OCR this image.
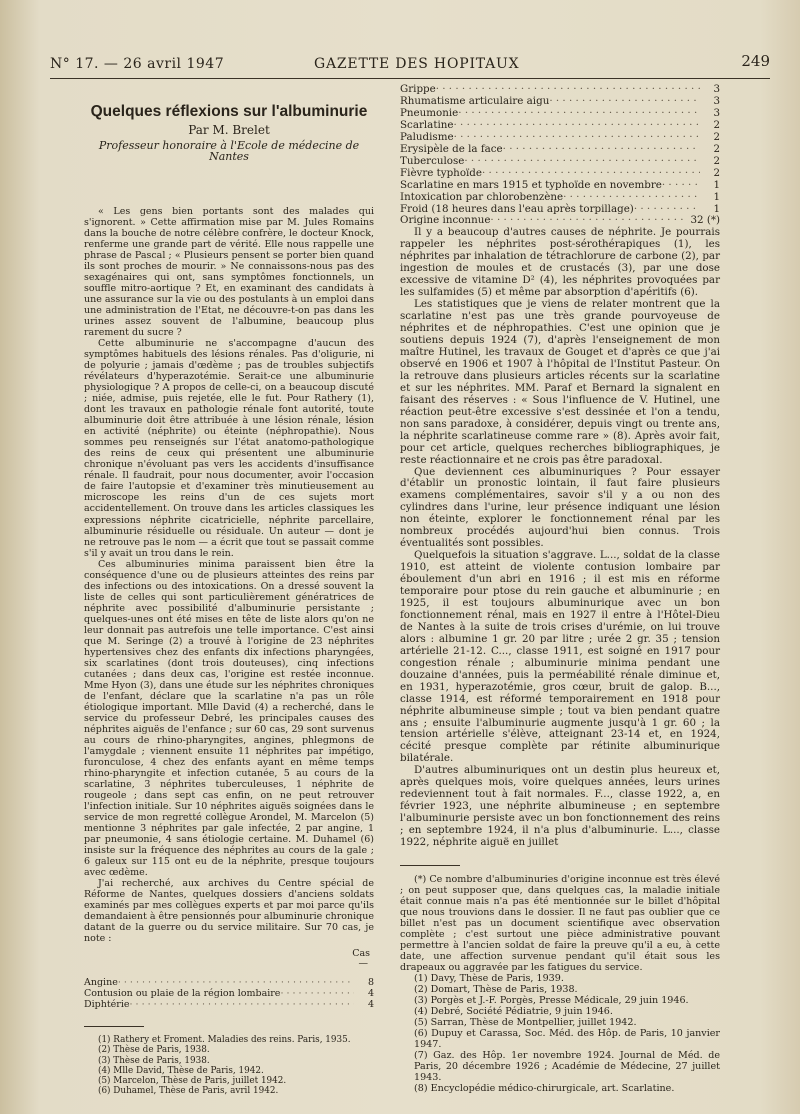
N° 17. — 26 avril 1947	GAZETTE DES HOPITAUX	249
Quelques réflexions sur l'albuminurie
Par M. Brelet
Professeur honoraire à l'Ecole de médecine de Nantes

« Les gens bien portants sont des malades qui s'ignorent. » Cette affirmation mise par M. Jules Romains dans la bouche de notre célèbre confrère, le docteur Knock, renferme une grande part de vérité. Elle nous rappelle une phrase de Pascal ; « Plusieurs pensent se porter bien quand ils sont proches de mourir. » Ne connaissons-nous pas des sexagénaires qui ont, sans symptômes fonctionnels, un souffle mitro-aortique ? Et, en examinant des candidats à une assurance sur la vie ou des postulants à un emploi dans une administration de l'Etat, ne découvre-t-on pas dans les urines assez souvent de l'albumine, beaucoup plus rarement du sucre ?

Cette albuminurie ne s'accompagne d'aucun des symptômes habituels des lésions rénales. Pas d'oligurie, ni de polyurie ; jamais d'œdème ; pas de troubles subjectifs révélateurs d'hyperazotémie. Serait-ce une albuminurie physiologique ? A propos de celle-ci, on a beaucoup discuté ; niée, admise, puis rejetée, elle le fut. Pour Rathery (1), dont les travaux en pathologie rénale font autorité, toute albuminurie doit être attribuée à une lésion rénale, lésion en activité (néphrite) ou éteinte (néphropathie). Nous sommes peu renseignés sur l'état anatomo-pathologique des reins de ceux qui présentent une albuminurie chronique n'évoluant pas vers les accidents d'insuffisance rénale. Il faudrait, pour nous documenter, avoir l'occasion de faire l'autopsie et d'examiner très minutieusement au microscope les reins d'un de ces sujets mort accidentellement. On trouve dans les articles classiques les expressions néphrite cicatricielle, néphrite parcellaire, albuminurie résiduelle ou résiduale. Un auteur — dont je ne retrouve pas le nom — a écrit que tout se passait comme s'il y avait un trou dans le rein.

Ces albuminuries minima paraissent bien être la conséquence d'une ou de plusieurs atteintes des reins par des infections ou des intoxications. On a dressé souvent la liste de celles qui sont particulièrement génératrices de néphrite avec possibilité d'albuminurie persistante ; quelques-unes ont été mises en tête de liste alors qu'on ne leur donnait pas autrefois une telle importance. C'est ainsi que M. Seringe (2) a trouvé à l'origine de 23 néphrites hypertensives chez des enfants dix infections pharyngées, six scarlatines (dont trois douteuses), cinq infections cutanées ; dans deux cas, l'origine est restée inconnue. Mme Hyon (3), dans une étude sur les néphrites chroniques de l'enfant, déclare que la scarlatine n'a pas un rôle étiologique important. Mlle David (4) a recherché, dans le service du professeur Debré, les principales causes des néphrites aiguës de l'enfance ; sur 60 cas, 29 sont survenus au cours de rhino-pharyngites, angines, phlegmons de l'amygdale ; viennent ensuite 11 néphrites par impétigo, furonculose, 4 chez des enfants ayant en même temps rhino-pharyngite et infection cutanée, 5 au cours de la scarlatine, 3 néphrites tuberculeuses, 1 néphrite de rougeole ; dans sept cas enfin, on ne peut retrouver l'infection initiale. Sur 10 néphrites aiguës soignées dans le service de mon regretté collègue Arondel, M. Marcelon (5) mentionne 3 néphrites par gale infectée, 2 par angine, 1 par pneumonie, 4 sans étiologie certaine. M. Duhamel (6) insiste sur la fréquence des néphrites au cours de la gale ; 6 galeux sur 115 ont eu de la néphrite, presque toujours avec œdème.

J'ai recherché, aux archives du Centre spécial de Réforme de Nantes, quelques dossiers d'anciens soldats examinés par mes collègues experts et par moi parce qu'ils demandaient à être pensionnés pour albuminurie chronique datant de la guerre ou du service militaire. Sur 70 cas, je note :

Cas
—
Angine · · ·	8
Contusion ou plaie de la région lombaire · · ·	4
Diphtérie · · ·	4

(1) Rathery et Froment. Maladies des reins. Paris, 1935.

(2) Thèse de Paris, 1938.

(3) Thèse de Paris, 1938.

(4) Mlle David, Thèse de Paris, 1942.

(5) Marcelon, Thèse de Paris, juillet 1942.

(6) Duhamel, Thèse de Paris, avril 1942.

Grippe · · ·	3
Rhumatisme articulaire aigu · · ·	3
Pneumonie · · ·	3
Scarlatine · · ·	2
Paludisme · · ·	2
Erysipèle de la face · · ·	2
Tuberculose · · ·	2
Fièvre typhoïde · · ·	2
Scarlatine en mars 1915 et typhoïde en novembre · · ·	1
Intoxication par chlorobenzène · · ·	1
Froid (18 heures dans l'eau après torpillage) · · ·	1
Origine inconnue · · ·	32 (*)

Il y a beaucoup d'autres causes de néphrite. Je pourrais rappeler les néphrites post-sérothérapiques (1), les néphrites par inhalation de tétrachlorure de carbone (2), par ingestion de moules et de crustacés (3), par une dose excessive de vitamine D² (4), les néphrites provoquées par les sulfamides (5) et même par absorption d'apéritifs (6).

Les statistiques que je viens de relater montrent que la scarlatine n'est pas une très grande pourvoyeuse de néphrites et de néphropathies. C'est une opinion que je soutiens depuis 1924 (7), d'après l'enseignement de mon maître Hutinel, les travaux de Gouget et d'après ce que j'ai observé en 1906 et 1907 à l'hôpital de l'Institut Pasteur. On la retrouve dans plusieurs articles récents sur la scarlatine et sur les néphrites. MM. Paraf et Bernard la signalent en faisant des réserves : « Sous l'influence de V. Hutinel, une réaction peut-être excessive s'est dessinée et l'on a tendu, non sans paradoxe, à considérer, depuis vingt ou trente ans, la néphrite scarlatineuse comme rare » (8). Après avoir fait, pour cet article, quelques recherches bibliographiques, je reste réactionnaire et ne crois pas être paradoxal.

Que deviennent ces albuminuriques ? Pour essayer d'établir un pronostic lointain, il faut faire plusieurs examens complémentaires, savoir s'il y a ou non des cylindres dans l'urine, leur présence indiquant une lésion non éteinte, explorer le fonctionnement rénal par les nombreux procédés aujourd'hui bien connus. Trois éventualités sont possibles.

Quelquefois la situation s'aggrave. L..., soldat de la classe 1910, est atteint de violente contusion lombaire par éboulement d'un abri en 1916 ; il est mis en réforme temporaire pour ptose du rein gauche et albuminurie ; en 1925, il est toujours albuminurique avec un bon fonctionnement rénal, mais en 1927 il entre à l'Hôtel-Dieu de Nantes à la suite de trois crises d'urémie, on lui trouve alors : albumine 1 gr. 20 par litre ; urée 2 gr. 35 ; tension artérielle 21-12. C..., classe 1911, est soigné en 1917 pour congestion rénale ; albuminurie minima pendant une douzaine d'années, puis la perméabilité rénale diminue et, en 1931, hyperazotémie, gros cœur, bruit de galop. B..., classe 1914, est réformé temporairement en 1918 pour néphrite albumineuse simple ; tout va bien pendant quatre ans ; ensuite l'albuminurie augmente jusqu'à 1 gr. 60 ; la tension artérielle s'élève, atteignant 23-14 et, en 1924, cécité presque complète par rétinite albuminurique bilatérale.

D'autres albuminuriques ont un destin plus heureux et, après quelques mois, voire quelques années, leurs urines redeviennent tout à fait normales. F..., classe 1922, a, en février 1923, une néphrite albumineuse ; en septembre l'albuminurie persiste avec un bon fonctionnement des reins ; en septembre 1924, il n'a plus d'albuminurie. L..., classe 1922, néphrite aiguë en juillet

(*) Ce nombre d'albuminuries d'origine inconnue est très élevé ; on peut supposer que, dans quelques cas, la maladie initiale était connue mais n'a pas été mentionnée sur le billet d'hôpital que nous trouvions dans le dossier. Il ne faut pas oublier que ce billet n'est pas un document scientifique avec observation complète ; c'est surtout une pièce administrative pouvant permettre à l'ancien soldat de faire la preuve qu'il a eu, à cette date, une affection survenue pendant qu'il était sous les drapeaux ou aggravée par les fatigues du service.

(1) Davy, Thèse de Paris, 1939.

(2) Domart, Thèse de Paris, 1938.

(3) Porgès et J.-F. Porgès, Presse Médicale, 29 juin 1946.

(4) Debré, Société Pédiatrie, 9 juin 1946.

(5) Sarran, Thèse de Montpellier, juillet 1942.

(6) Dupuy et Carassa, Soc. Méd. des Hôp. de Paris, 10 janvier 1947.

(7) Gaz. des Hôp. 1er novembre 1924. Journal de Méd. de Paris, 20 décembre 1926 ; Académie de Médecine, 27 juillet 1943.

(8) Encyclopédie médico-chirurgicale, art. Scarlatine.
